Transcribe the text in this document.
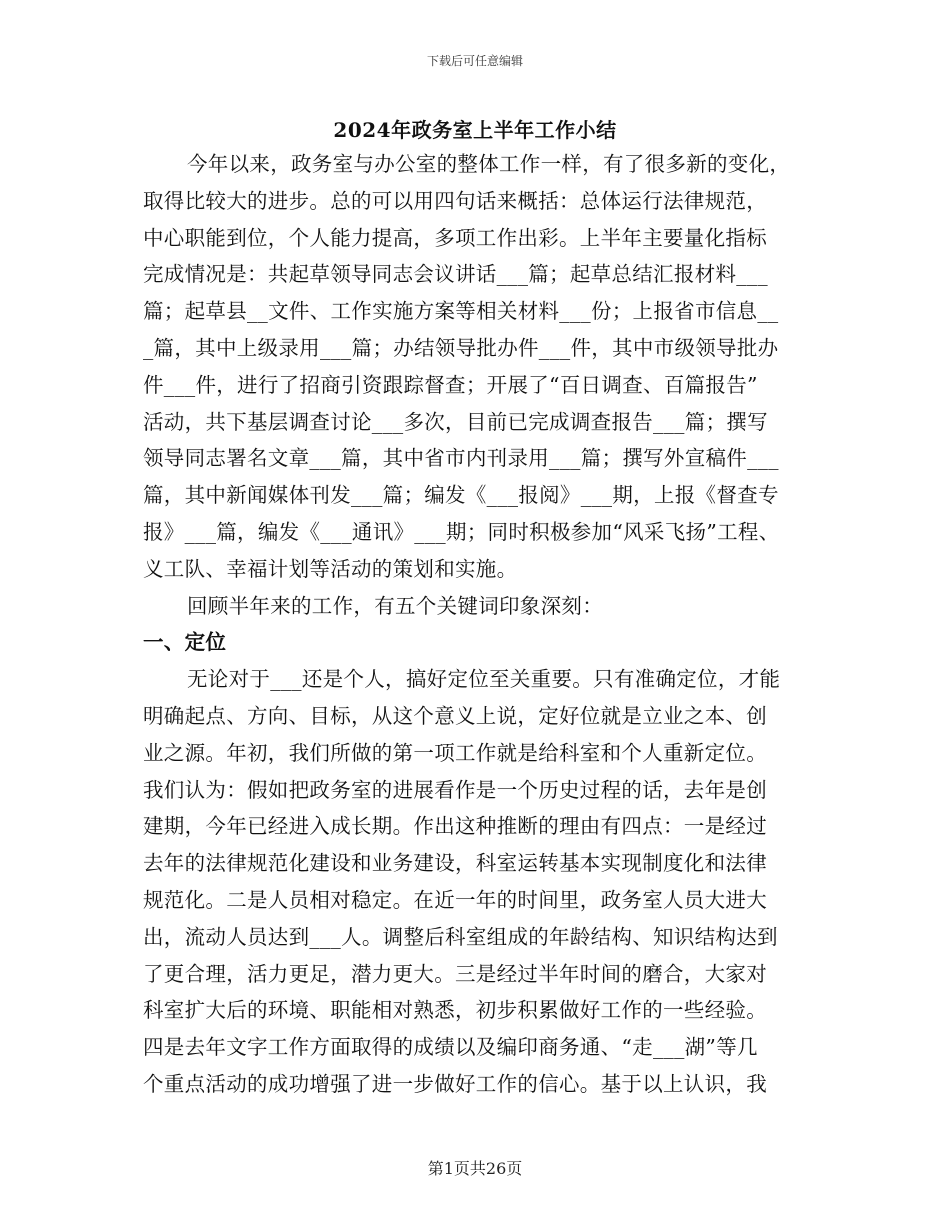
下载后可任意编辑
2024年政务室上半年工作小结
今年以来，政务室与办公室的整体工作一样，有了很多新的变化，
取得比较大的进步。总的可以用四句话来概括：总体运行法律规范，
中心职能到位，个人能力提高，多项工作出彩。上半年主要量化指标
完成情况是：共起草领导同志会议讲话___篇；起草总结汇报材料___
篇；起草县__文件、工作实施方案等相关材料___份；上报省市信息__
_篇，其中上级录用___篇；办结领导批办件___件，其中市级领导批办
件___件，进行了招商引资跟踪督查；开展了“百日调查、百篇报告”
活动，共下基层调查讨论___多次，目前已完成调查报告___篇；撰写
领导同志署名文章___篇，其中省市内刊录用___篇；撰写外宣稿件___
篇，其中新闻媒体刊发___篇；编发《___报阅》___期，上报《督查专
报》___篇，编发《___通讯》___期；同时积极参加“风采飞扬”工程、
义工队、幸福计划等活动的策划和实施。
回顾半年来的工作，有五个关键词印象深刻：
一、定位
无论对于___还是个人，搞好定位至关重要。只有准确定位，才能
明确起点、方向、目标，从这个意义上说，定好位就是立业之本、创
业之源。年初，我们所做的第一项工作就是给科室和个人重新定位。
我们认为：假如把政务室的进展看作是一个历史过程的话，去年是创
建期，今年已经进入成长期。作出这种推断的理由有四点：一是经过
去年的法律规范化建设和业务建设，科室运转基本实现制度化和法律
规范化。二是人员相对稳定。在近一年的时间里，政务室人员大进大
出，流动人员达到___人。调整后科室组成的年龄结构、知识结构达到
了更合理，活力更足，潜力更大。三是经过半年时间的磨合，大家对
科室扩大后的环境、职能相对熟悉，初步积累做好工作的一些经验。
四是去年文字工作方面取得的成绩以及编印商务通、“走___湖”等几
个重点活动的成功增强了进一步做好工作的信心。基于以上认识，我
第1页共26页
